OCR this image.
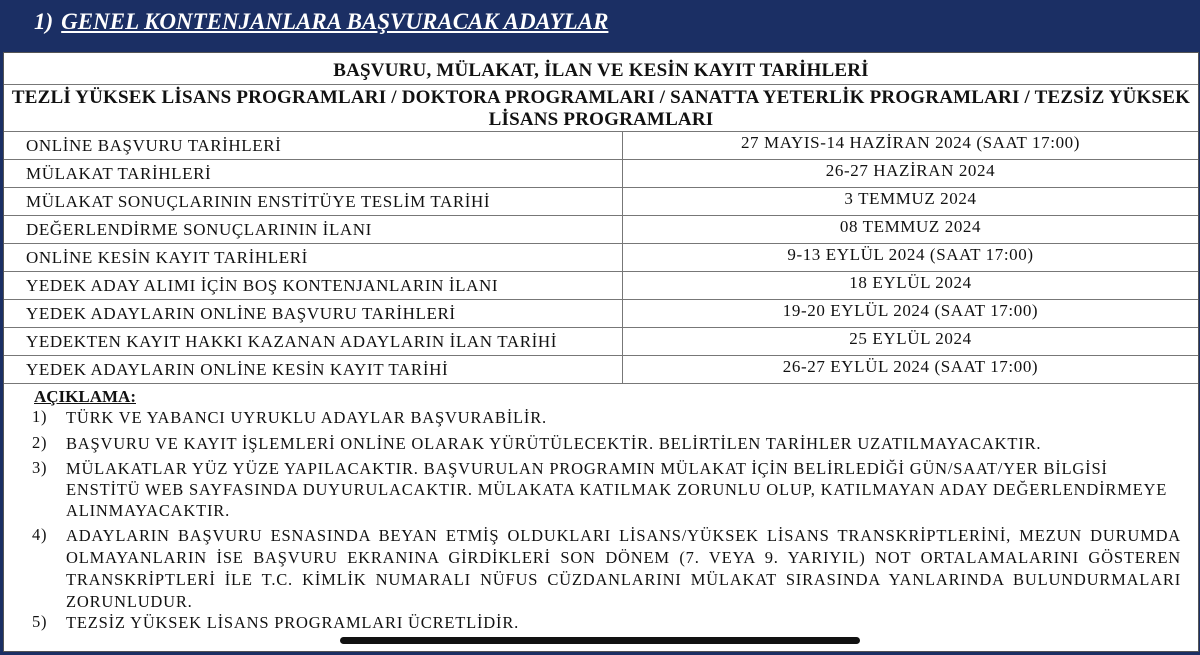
1) GENEL KONTENJANLARA BAŞVURACAK ADAYLAR
BAŞVURU, MÜLAKAT, İLAN VE KESİN KAYIT TARİHLERİ
TEZLİ YÜKSEK LİSANS PROGRAMLARI / DOKTORA PROGRAMLARI / SANATTA YETERLİK PROGRAMLARI / TEZSİZ YÜKSEK LİSANS PROGRAMLARI
ONLİNE BAŞVURU TARİHLERİ	27 MAYIS-14 HAZİRAN 2024 (SAAT 17:00)
MÜLAKAT TARİHLERİ	26-27 HAZİRAN 2024
MÜLAKAT SONUÇLARININ ENSTİTÜYE TESLİM TARİHİ	3 TEMMUZ 2024
DEĞERLENDİRME SONUÇLARININ İLANI	08 TEMMUZ 2024
ONLİNE KESİN KAYIT TARİHLERİ	9-13 EYLÜL 2024 (SAAT 17:00)
YEDEK ADAY ALIMI İÇİN BOŞ KONTENJANLARIN İLANI	18 EYLÜL 2024
YEDEK ADAYLARIN ONLİNE BAŞVURU TARİHLERİ	19-20 EYLÜL 2024 (SAAT 17:00)
YEDEKTEN KAYIT HAKKI KAZANAN ADAYLARIN İLAN TARİHİ	25 EYLÜL 2024
YEDEK ADAYLARIN ONLİNE KESİN KAYIT TARİHİ	26-27 EYLÜL 2024 (SAAT 17:00)
AÇIKLAMA:
1) TÜRK VE YABANCI UYRUKLU ADAYLAR BAŞVURABİLİR.
2) BAŞVURU VE KAYIT İŞLEMLERİ ONLİNE OLARAK YÜRÜTÜLECEKTİR. BELİRTİLEN TARİHLER UZATILMAYACAKTIR.
3) MÜLAKATLAR YÜZ YÜZE YAPILACAKTIR. BAŞVURULAN PROGRAMIN MÜLAKAT İÇİN BELİRLEDİĞİ GÜN/SAAT/YER BİLGİSİ ENSTİTÜ WEB SAYFASINDA DUYURULACAKTIR. MÜLAKATA KATILMAK ZORUNLU OLUP, KATILMAYAN ADAY DEĞERLENDİRMEYE ALINMAYACAKTIR.
4) ADAYLARIN BAŞVURU ESNASINDA BEYAN ETMİŞ OLDUKLARI LİSANS/YÜKSEK LİSANS TRANSKRİPTLERİNİ, MEZUN DURUMDA OLMAYANLARIN İSE BAŞVURU EKRANINA GİRDİKLERİ SON DÖNEM (7. VEYA 9. YARIYIL) NOT ORTALAMALARINI GÖSTEREN TRANSKRİPTLERİ İLE T.C. KİMLİK NUMARALI NÜFUS CÜZDANLARINI MÜLAKAT SIRASINDA YANLARINDA BULUNDURMALARI ZORUNLUDUR.
5) TEZSİZ YÜKSEK LİSANS PROGRAMLARI ÜCRETLİDİR.
